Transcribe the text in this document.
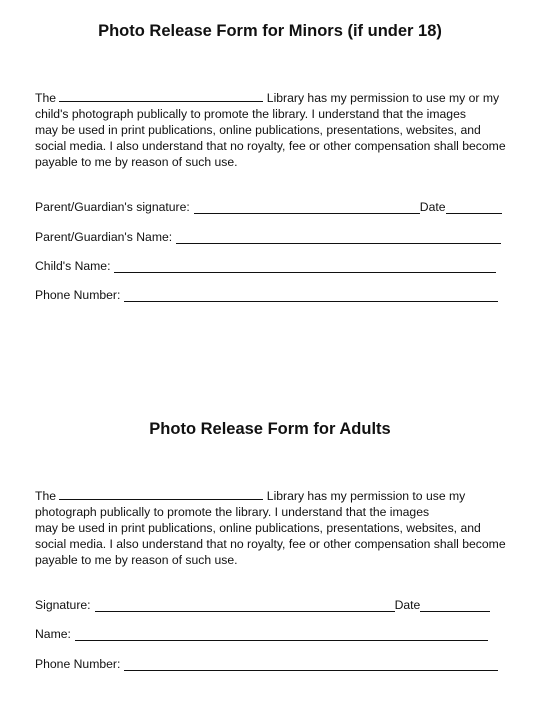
Photo Release Form for Minors (if under 18)

The	Library has my permission to use my or my
child's photograph publically to promote the library. I understand that the images
may be used in print publications, online publications, presentations, websites, and
social media. I also understand that no royalty, fee or other compensation shall become
payable to me by reason of such use.

Parent/Guardian's signature:	Date
Parent/Guardian's Name:
Child's Name:
Phone Number:
Photo Release Form for Adults

The	Library has my permission to use my
photograph publically to promote the library. I understand that the images
may be used in print publications, online publications, presentations, websites, and
social media. I also understand that no royalty, fee or other compensation shall become
payable to me by reason of such use.

Signature:	Date
Name:
Phone Number:
